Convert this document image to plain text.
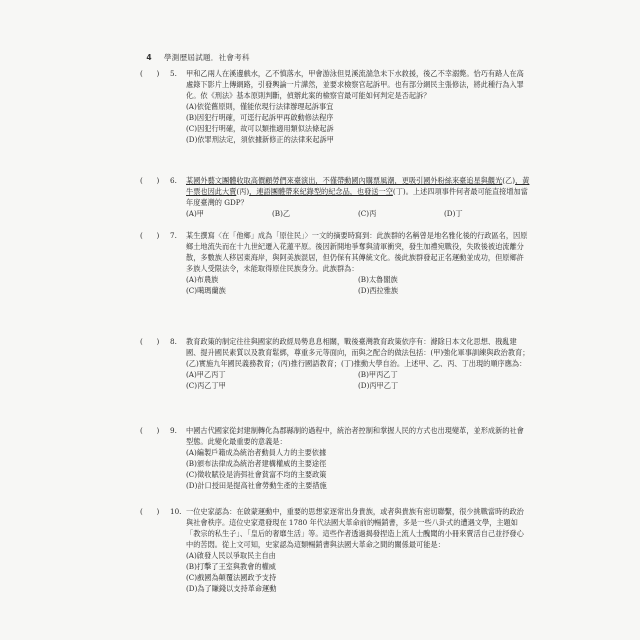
4	學測歷屆試題．社會考科
(      )	5.	甲和乙兩人在溪邊戲水，乙不慎落水，甲會游泳但見溪流湍急未下水救援，後乙不幸溺斃。恰巧有路人在高處錄下影片上傳網路，引發輿論一片譁然，並要求檢察官起訴甲。也有部分網民主張修法，將此種行為入罪化。依《刑法》基本原則判斷，偵辦此案的檢察官最可能如何判定是否起訴？
(A)依從舊原則，僅能依現行法律辦理起訴事宜
(B)因犯行明確，可逕行起訴甲再啟動修法程序
(C)因犯行明確，故可以類推適用類似法條起訴
(D)依罪刑法定，須依據新修正的法律來起訴甲
(      )	6.	某國外藝文團體收取高價顧勞們來臺演出，不僅帶動國內購票風潮，更吸引國外粉絲來臺追星與觀光(乙)，黃牛票也因此大賣(丙)，連語團體帶來紀錄型的紀念品，也發送一空(丁)。上述四項事件何者最可能直接增加當年度臺灣的 GDP？
(A)甲	(B)乙	(C)丙	(D)丁
(      )	7.	某生撰寫〈在「他鄉」成為「原住民」〉一文的摘要時寫到：此族群的名稱曾是地名雅化後的行政區名，因原鄉土地流失而在十九世紀遷入花蓮平原。後因新開地爭奪與清軍衝突，發生加禮宛戰役，失敗後被迫流離分散，多數族人移居東海岸，與阿美族混居，但仍保有其傳統文化。後此族群發起正名運動並成功，但原鄉許多族人受限法令，未能取得原住民族身分。此族群為：
(A)布農族	(B)太魯閣族
(C)噶瑪蘭族	(D)西拉雅族
(      )	8.	教育政策的制定往往與國家的政經局勢息息相關，戰後臺灣教育政策依序有：滌除日本文化思想、戡亂建國、提升國民素質以及教育鬆綁，尊重多元等面向，而與之配合的做法包括：(甲)強化軍事訓練與政治教育；(乙)實施九年國民義務教育；(丙)推行國語教育；(丁)推動大學自治。上述甲、乙、丙、丁出現的順序應為：
(A)甲乙丙丁	(B)甲丙乙丁
(C)丙乙丁甲	(D)丙甲乙丁
(      )	9.	中國古代國家從封建制轉化為郡縣制的過程中，統治者控制和掌握人民的方式也出現變革，並形成新的社會型態。此變化最重要的意義是：
(A)編製戶籍成為統治者動員人力的主要依據
(B)頒布法律成為統治者建構權威的主要途徑
(C)徵收賦役是消弭社會貧富不均的主要政策
(D)計口授田是提高社會勞動生產的主要措施
(      )	10. 一位史家認為：在啟蒙運動中，重要的思想家逐常出身貴族，或者與貴族有密切聯繫，很少挑戰當時的政治與社會秩序。這位史家還發現在 1780 年代法國大革命前的暢銷書，多是一些八卦式的遭遇文學，主題如「教宗的私生子」、「皇后的奢靡生活」等。這些作者透過揭發捏造上流人士醜聞的小冊來賣活自己並抒發心中的苦悶。從上文可知，史家認為這類暢銷書與法國大革命之間的關係最可能是：
(A)啟發人民以爭取民主自由
(B)打擊了王室與教會的權威
(C)戲國為顛覆法國政予支持
(D)為了賺錢以支持革命運動
